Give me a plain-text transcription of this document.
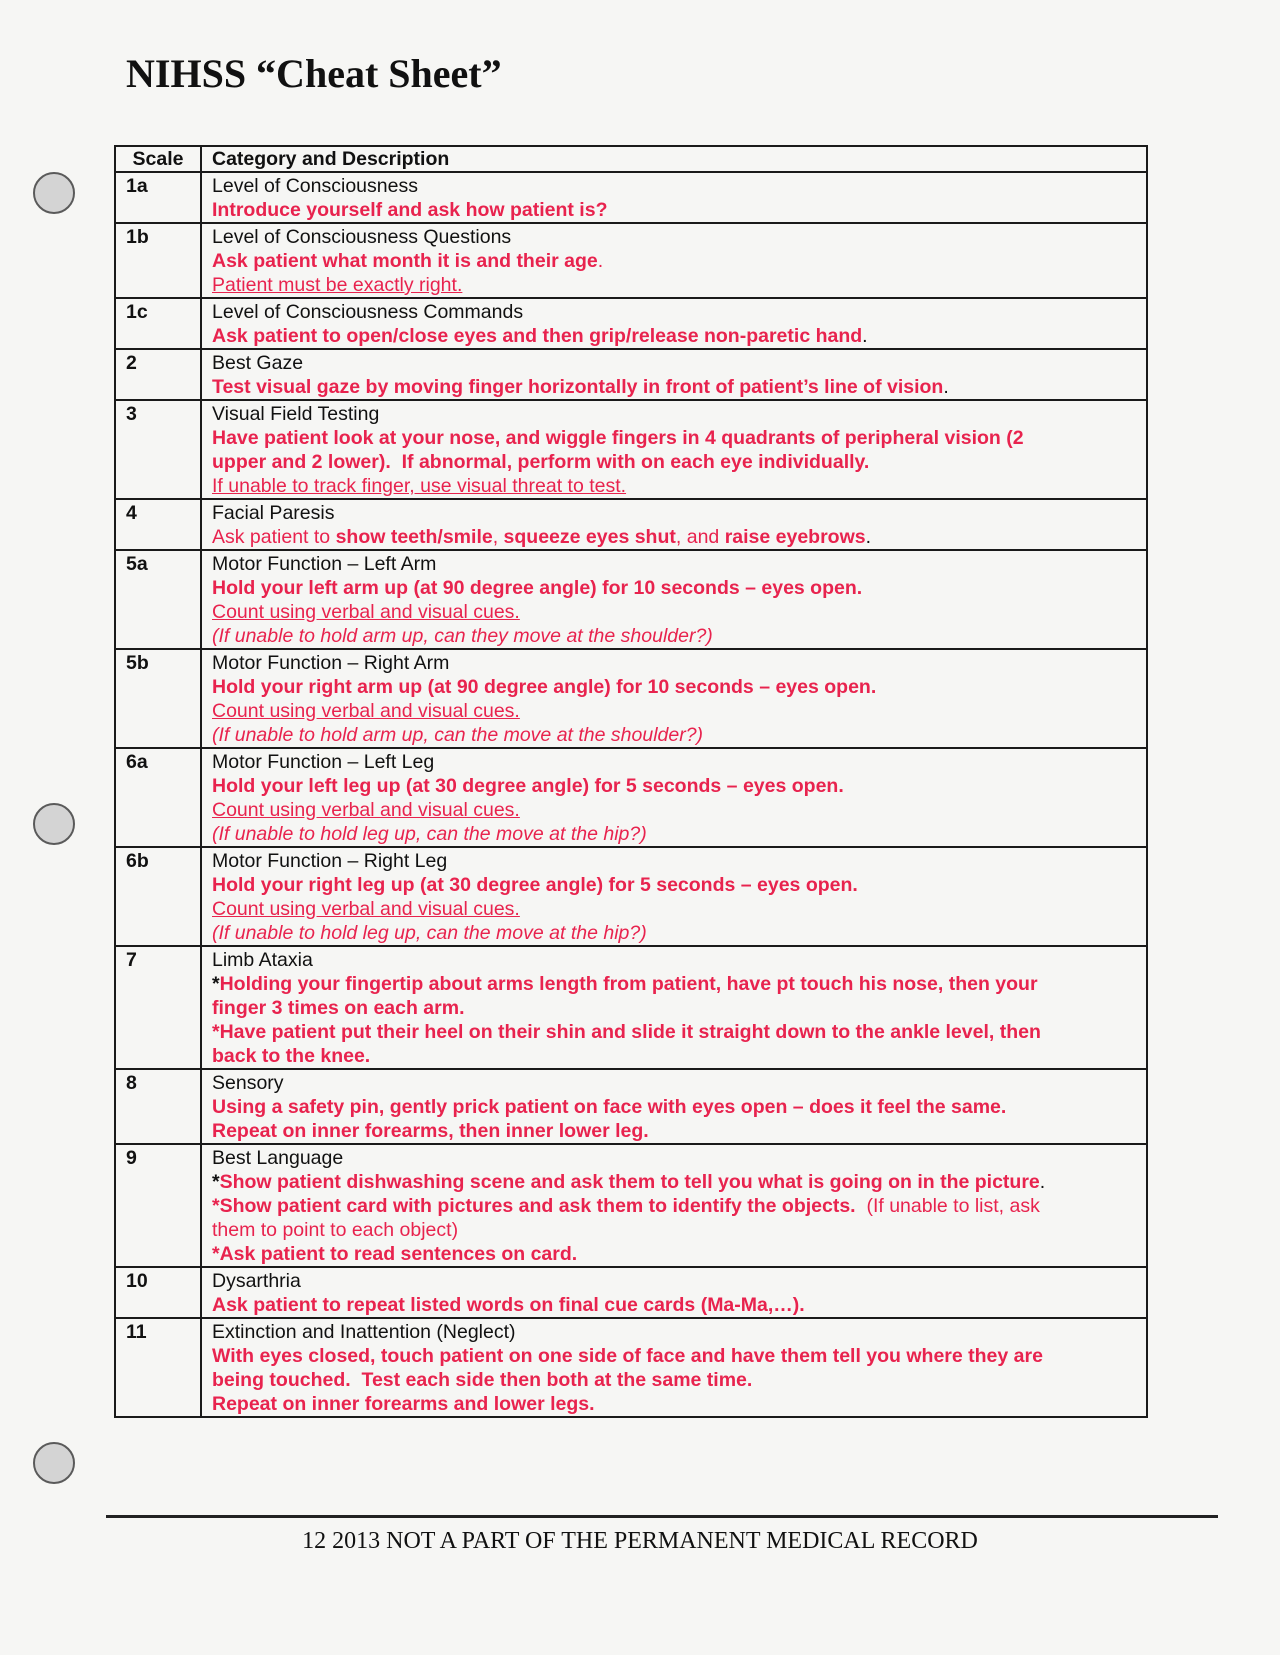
NIHSS “Cheat Sheet”
Scale	Category and Description
1a	Level of Consciousness
Introduce yourself and ask how patient is?

1b	Level of Consciousness Questions
Ask patient what month it is and their age.
Patient must be exactly right.

1c	Level of Consciousness Commands
Ask patient to open/close eyes and then grip/release non-paretic hand.

2	Best Gaze
Test visual gaze by moving finger horizontally in front of patient’s line of vision.

3	Visual Field Testing
Have patient look at your nose, and wiggle fingers in 4 quadrants of peripheral vision (2
upper and 2 lower).  If abnormal, perform with on each eye individually.
If unable to track finger, use visual threat to test.

4	Facial Paresis
Ask patient to show teeth/smile, squeeze eyes shut, and raise eyebrows.

5a	Motor Function – Left Arm
Hold your left arm up (at 90 degree angle) for 10 seconds – eyes open.
Count using verbal and visual cues.
(If unable to hold arm up, can they move at the shoulder?)

5b	Motor Function – Right Arm
Hold your right arm up (at 90 degree angle) for 10 seconds – eyes open.
Count using verbal and visual cues.
(If unable to hold arm up, can the move at the shoulder?)

6a	Motor Function – Left Leg
Hold your left leg up (at 30 degree angle) for 5 seconds – eyes open.
Count using verbal and visual cues.
(If unable to hold leg up, can the move at the hip?)

6b	Motor Function – Right Leg
Hold your right leg up (at 30 degree angle) for 5 seconds – eyes open.
Count using verbal and visual cues.
(If unable to hold leg up, can the move at the hip?)

7	Limb Ataxia
*Holding your fingertip about arms length from patient, have pt touch his nose, then your
finger 3 times on each arm.
*Have patient put their heel on their shin and slide it straight down to the ankle level, then
back to the knee.

8	Sensory
Using a safety pin, gently prick patient on face with eyes open – does it feel the same.
Repeat on inner forearms, then inner lower leg.

9	Best Language
*Show patient dishwashing scene and ask them to tell you what is going on in the picture.
*Show patient card with pictures and ask them to identify the objects.  (If unable to list, ask
them to point to each object)
*Ask patient to read sentences on card.

10	Dysarthria
Ask patient to repeat listed words on final cue cards (Ma-Ma,…).

11	Extinction and Inattention (Neglect)
With eyes closed, touch patient on one side of face and have them tell you where they are
being touched.  Test each side then both at the same time.
Repeat on inner forearms and lower legs.
12 2013 NOT A PART OF THE PERMANENT MEDICAL RECORD
